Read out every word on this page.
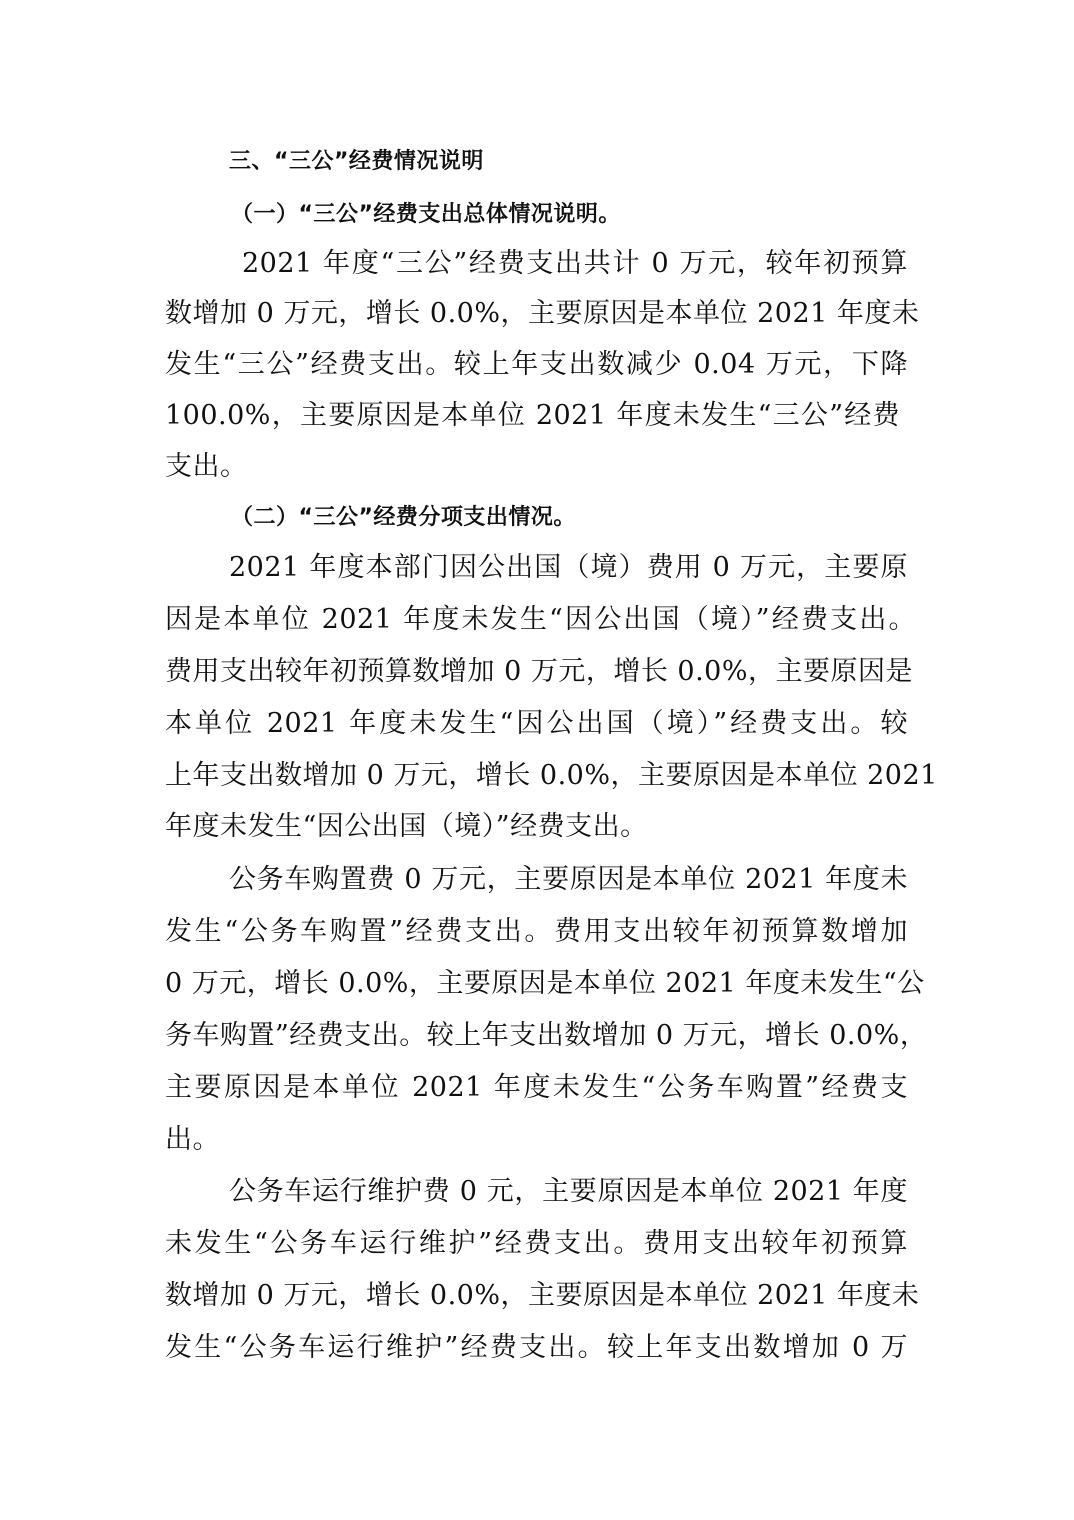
三、“三公”经费情况说明
（一）“三公”经费支出总体情况说明。
2021 年度“三公”经费支出共计 0 万元，较年初预算
数增加 0 万元，增长 0.0%，主要原因是本单位 2021 年度未
发生“三公”经费支出。较上年支出数减少 0.04 万元，下降
100.0%，主要原因是本单位 2021 年度未发生“三公”经费
支出。
（二）“三公”经费分项支出情况。
2021 年度本部门因公出国（境）费用 0 万元，主要原
因是本单位 2021 年度未发生“因公出国（境）”经费支出。
费用支出较年初预算数增加 0 万元，增长 0.0%，主要原因是
本单位 2021 年度未发生“因公出国（境）”经费支出。较
上年支出数增加 0 万元，增长 0.0%，主要原因是本单位 2021
年度未发生“因公出国（境）”经费支出。
公务车购置费 0 万元，主要原因是本单位 2021 年度未
发生“公务车购置”经费支出。费用支出较年初预算数增加
0 万元，增长 0.0%，主要原因是本单位 2021 年度未发生“公
务车购置”经费支出。较上年支出数增加 0 万元，增长 0.0%，
主要原因是本单位 2021 年度未发生“公务车购置”经费支
出。
公务车运行维护费 0 元，主要原因是本单位 2021 年度
未发生“公务车运行维护”经费支出。费用支出较年初预算
数增加 0 万元，增长 0.0%，主要原因是本单位 2021 年度未
发生“公务车运行维护”经费支出。较上年支出数增加 0 万
